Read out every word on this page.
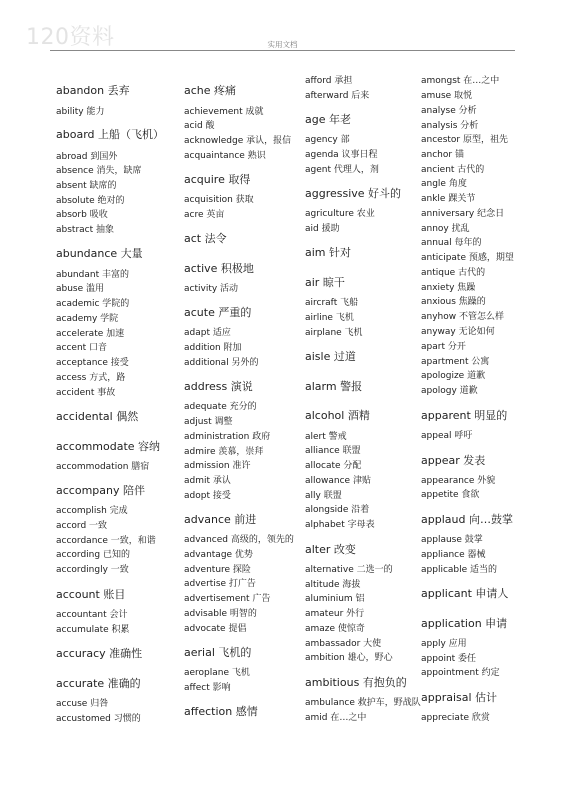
120资料	实用文档
abandon 丢弃
ability 能力
aboard 上船（飞机）
abroad 到国外
absence 消失，缺席
absent 缺席的
absolute 绝对的
absorb 吸收
abstract 抽象
abundance 大量
abundant 丰富的
abuse 滥用
academic 学院的
academy 学院
accelerate 加速
accent 口音
acceptance 接受
access 方式，路
accident 事故
accidental 偶然
accommodate 容纳
accommodation 膳宿
accompany 陪伴
accomplish 完成
accord 一致
accordance 一致，和谐
according 已知的
accordingly 一致
account 账目
accountant 会计
accumulate 积累
accuracy 准确性
accurate 准确的
accuse 归咎
accustomed 习惯的
ache 疼痛
achievement 成就
acid 酸
acknowledge 承认，报信
acquaintance 熟识
acquire 取得
acquisition 获取
acre 英亩
act 法令
active 积极地
activity 活动
acute 严重的
adapt 适应
addition 附加
additional 另外的
address 演说
adequate 充分的
adjust 调整
administration 政府
admire 羡慕，崇拜
admission 准许
admit 承认
adopt 接受
advance 前进
advanced 高级的，领先的
advantage 优势
adventure 探险
advertise 打广告
advertisement 广告
advisable 明智的
advocate 提倡
aerial 飞机的
aeroplane 飞机
affect 影响
affection 感情
afford 承担
afterward 后来
age 年老
agency 部
agenda 议事日程
agent 代理人，剂
aggressive 好斗的
agriculture 农业
aid 援助
aim 针对
air 晾干
aircraft 飞船
airline 飞机
airplane 飞机
aisle 过道
alarm 警报
alcohol 酒精
alert 警戒
alliance 联盟
allocate 分配
allowance 津贴
ally 联盟
alongside 沿着
alphabet 字母表
alter 改变
alternative 二选一的
altitude 海拔
aluminium 铝
amateur 外行
amaze 使惊奇
ambassador 大使
ambition 雄心，野心
ambitious 有抱负的
ambulance 救护车，野战队
amid 在…之中
amongst 在…之中
amuse 取悦
analyse 分析
analysis 分析
ancestor 原型，祖先
anchor 锚
ancient 古代的
angle 角度
ankle 踝关节
anniversary 纪念日
annoy 扰乱
annual 每年的
anticipate 预感，期望
antique 古代的
anxiety 焦躁
anxious 焦躁的
anyhow 不管怎么样
anyway 无论如何
apart 分开
apartment 公寓
apologize 道歉
apology 道歉
apparent 明显的
appeal 呼吁
appear 发表
appearance 外貌
appetite 食欲
applaud 向…鼓掌
applause 鼓掌
appliance 器械
applicable 适当的
applicant 申请人
application 申请
apply 应用
appoint 委任
appointment 约定
appraisal 估计
appreciate 欣赏
